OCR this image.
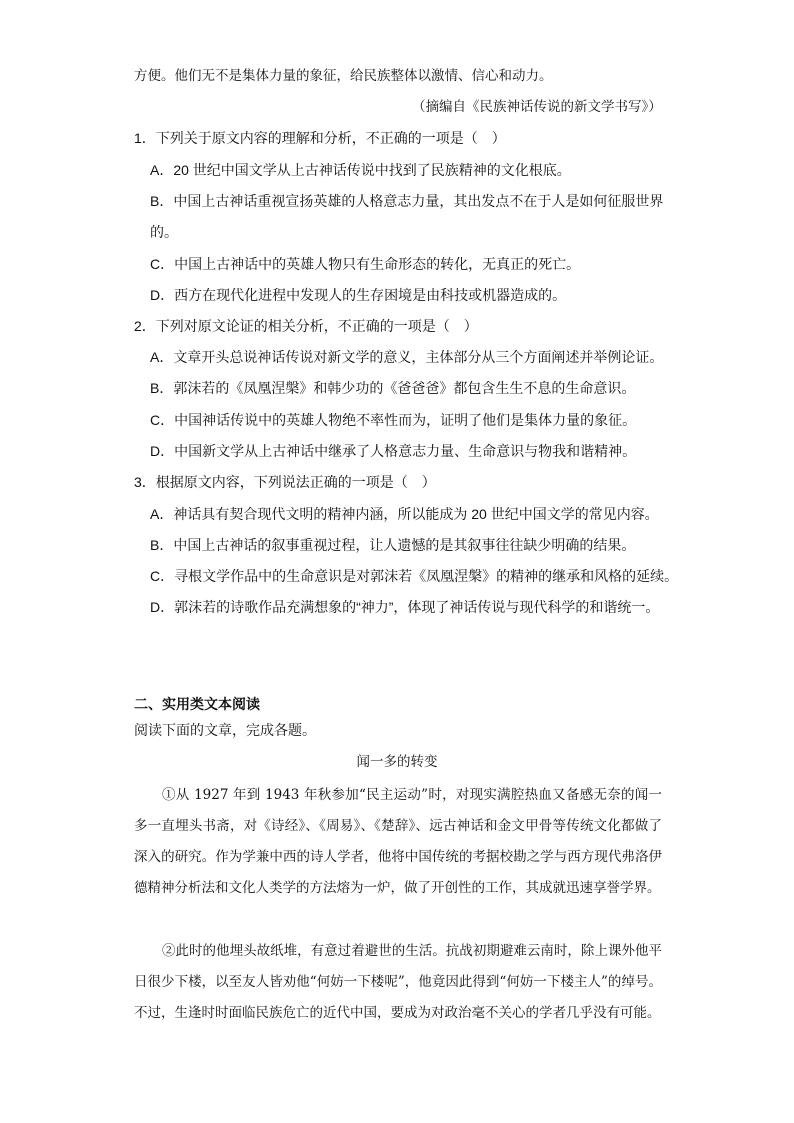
方便。他们无不是集体力量的象征，给民族整体以激情、信心和动力。
（摘编自《民族神话传说的新文学书写》）
1．下列关于原文内容的理解和分析，不正确的一项是（　）
A．20 世纪中国文学从上古神话传说中找到了民族精神的文化根底。
B．中国上古神话重视宣扬英雄的人格意志力量，其出发点不在于人是如何征服世界
的。
C．中国上古神话中的英雄人物只有生命形态的转化，无真正的死亡。
D．西方在现代化进程中发现人的生存困境是由科技或机器造成的。
2．下列对原文论证的相关分析，不正确的一项是（　）
A．文章开头总说神话传说对新文学的意义，主体部分从三个方面阐述并举例论证。
B．郭沫若的《凤凰涅槃》和韩少功的《爸爸爸》都包含生生不息的生命意识。
C．中国神话传说中的英雄人物绝不率性而为，证明了他们是集体力量的象征。
D．中国新文学从上古神话中继承了人格意志力量、生命意识与物我和谐精神。
3．根据原文内容，下列说法正确的一项是（　）
A．神话具有契合现代文明的精神内涵，所以能成为 20 世纪中国文学的常见内容。
B．中国上古神话的叙事重视过程，让人遗憾的是其叙事往往缺少明确的结果。
C．寻根文学作品中的生命意识是对郭沫若《凤凰涅槃》的精神的继承和风格的延续。
D．郭沫若的诗歌作品充满想象的“神力”，体现了神话传说与现代科学的和谐统一。
二、实用类文本阅读
阅读下面的文章，完成各题。
闻一多的转变
①从 1927 年到 1943 年秋参加“民主运动”时，对现实满腔热血又备感无奈的闻一多一直埋头书斋，对《诗经》、《周易》、《楚辞》、远古神话和金文甲骨等传统文化都做了深入的研究。作为学兼中西的诗人学者，他将中国传统的考据校勘之学与西方现代弗洛伊德精神分析法和文化人类学的方法熔为一炉，做了开创性的工作，其成就迅速享誉学界。
②此时的他埋头故纸堆，有意过着避世的生活。抗战初期避难云南时，除上课外他平日很少下楼，以至友人皆劝他“何妨一下楼呢”，他竟因此得到“何妨一下楼主人”的绰号。不过，生逢时时面临民族危亡的近代中国，要成为对政治毫不关心的学者几乎没有可能。
